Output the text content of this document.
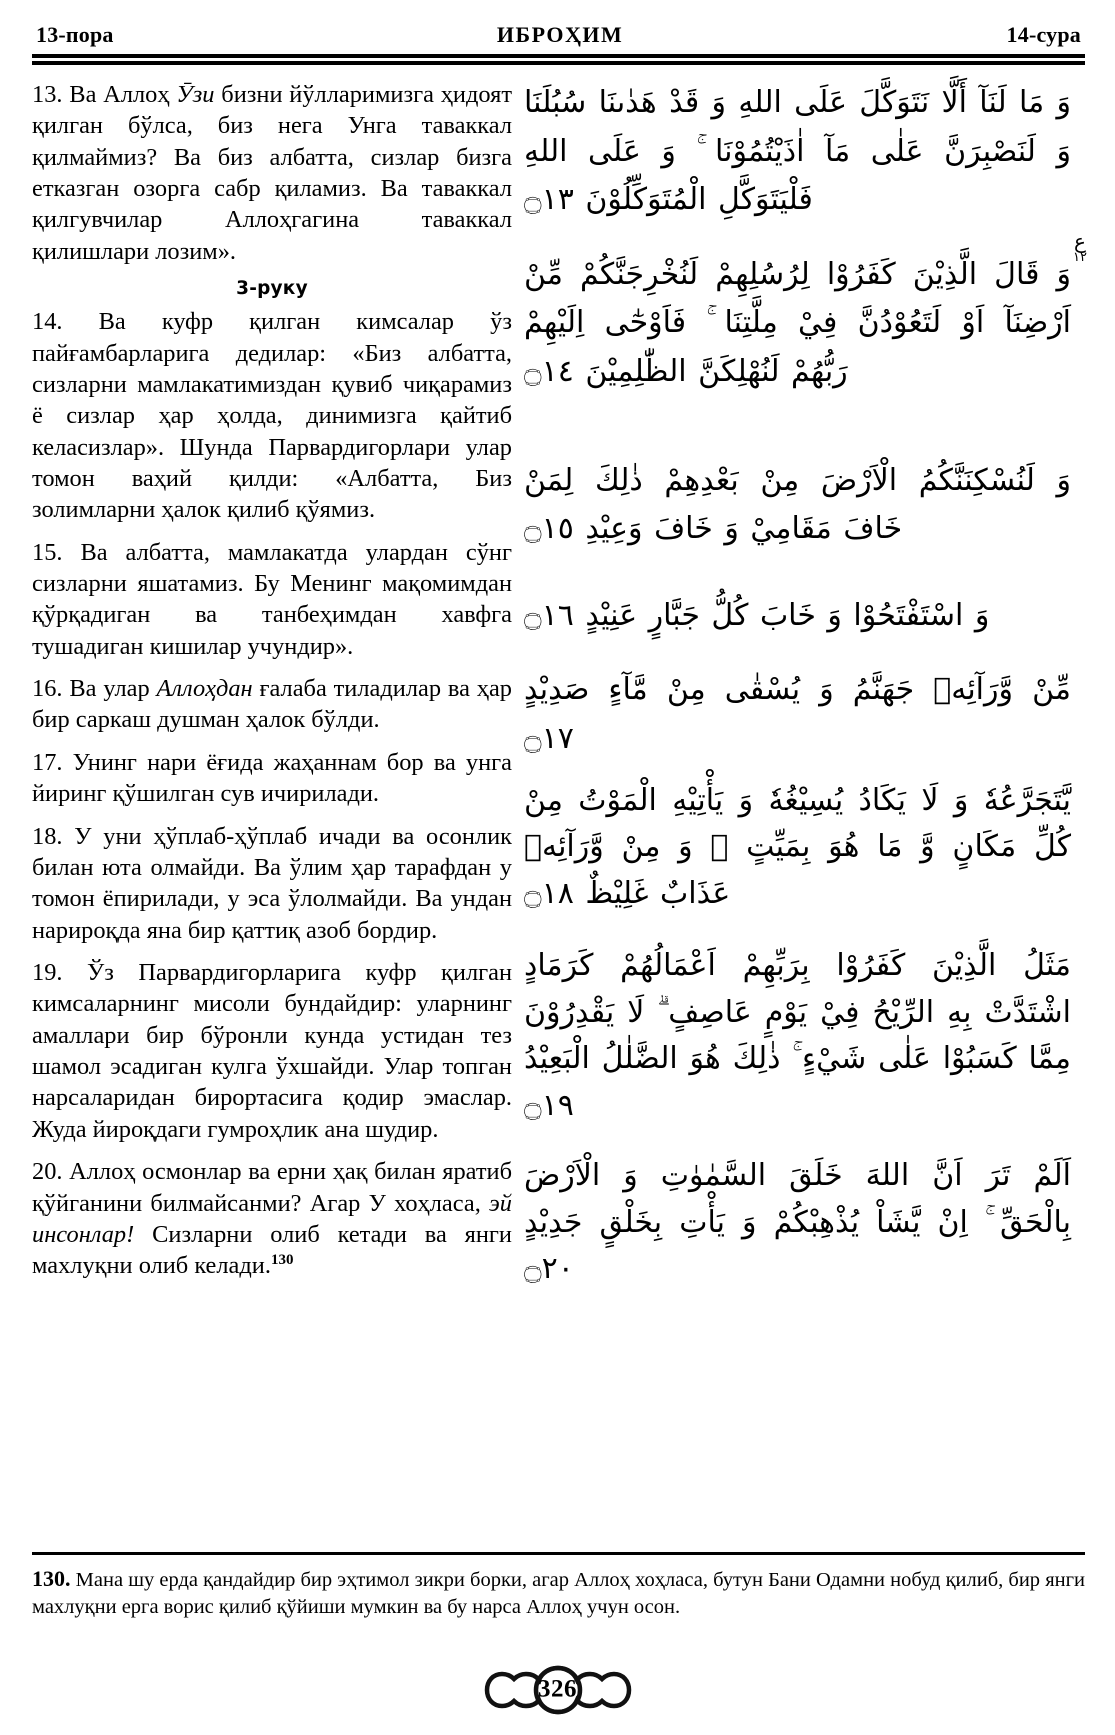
13-пора	ИБРОҲИМ	14-сура

13. Ва Аллоҳ Ӯзи бизни йўлларимизга ҳидоят қилган бўлса, биз нега Унга таваккал қилмаймиз? Ва биз албатта, сизлар бизга етказган озорга сабр қиламиз. Ва таваккал қилгувчилар Аллоҳгагина таваккал қилишлари лозим».

3-руку

14. Ва куфр қилган кимсалар ўз пайғамбарларига дедилар: «Биз албатта, сизларни мамлакатимиздан қувиб чиқарамиз ё сизлар ҳар ҳолда, динимизга қайтиб келасизлар». Шунда Парвардигорлари улар томон ваҳий қилди: «Албатта, Биз золимларни ҳалок қилиб қўямиз.

15. Ва албатта, мамлакатда улардан сўнг сизларни яшатамиз. Бу Менинг мақомимдан қўрқадиган ва танбеҳимдан хавфга тушадиган кишилар учундир».

16. Ва улар Аллоҳдан ғалаба тиладилар ва ҳар бир саркаш душман ҳалок бўлди.

17. Унинг нари ёғида жаҳаннам бор ва унга йиринг қўшилган сув ичирилади.

18. У уни ҳўплаб-ҳўплаб ичади ва осонлик билан юта олмайди. Ва ўлим ҳар тарафдан у томон ёпирилади, у эса ўлолмайди. Ва ундан нарироқда яна бир қаттиқ азоб бордир.

19. Ўз Парвардигорларига куфр қилган кимсаларнинг мисоли бундайдир: уларнинг амаллари бир бўронли кунда устидан тез шамол эсадиган кулга ўхшайди. Улар топган нарсаларидан бирортасига қодир эмаслар. Жуда йироқдаги гумроҳлик ана шудир.

20. Аллоҳ осмонлар ва ерни ҳақ билан яратиб қўйганини билмайсанми? Агар У хоҳласа, эй инсонлар! Сизларни олиб кетади ва янги махлуқни олиб келади.$^{130}$

وَ مَا لَنَآ أَلَّا نَتَوَكَّلَ عَلَى اللهِ وَ قَدْ هَدٰىنَا سُبُلَنَا وَ لَنَصْبِرَنَّ عَلٰى مَآ اٰذَيْتُمُوْنَا ۚ وَ عَلَى اللهِ فَلْيَتَوَكَّلِ الْمُتَوَكِّلُوْنَ ۝١٣
ع
١٢
وَ قَالَ الَّذِيْنَ كَفَرُوْا لِرُسُلِهِمْ لَنُخْرِجَنَّكُمْ مِّنْ اَرْضِنَآ اَوْ لَتَعُوْدُنَّ فِيْ مِلَّتِنَا ۚ فَاَوْحٰٓى اِلَيْهِمْ رَبُّهُمْ لَنُهْلِكَنَّ الظّٰلِمِيْنَ ۝١٤
وَ لَنُسْكِنَنَّكُمُ الْاَرْضَ مِنْ بَعْدِهِمْ ذٰلِكَ لِمَنْ خَافَ مَقَامِيْ وَ خَافَ وَعِيْدِ ۝١٥
وَ اسْتَفْتَحُوْا وَ خَابَ كُلُّ جَبَّارٍ عَنِيْدٍ ۝١٦
مِّنْ وَّرَآئِهٖ جَهَنَّمُ وَ يُسْقٰى مِنْ مَّآءٍ صَدِيْدٍ ۝١٧
يَّتَجَرَّعُهٗ وَ لَا يَكَادُ يُسِيْغُهٗ وَ يَأْتِيْهِ الْمَوْتُ مِنْ كُلِّ مَكَانٍ وَّ مَا هُوَ بِمَيِّتٍ ۖ وَ مِنْ وَّرَآئِهٖ عَذَابٌ غَلِيْظٌ ۝١٨
مَثَلُ الَّذِيْنَ كَفَرُوْا بِرَبِّهِمْ اَعْمَالُهُمْ كَرَمَادٍ اشْتَدَّتْ بِهِ الرِّيْحُ فِيْ يَوْمٍ عَاصِفٍ ۗ لَا يَقْدِرُوْنَ مِمَّا كَسَبُوْا عَلٰى شَيْءٍ ۚ ذٰلِكَ هُوَ الضَّلٰلُ الْبَعِيْدُ ۝١٩
اَلَمْ تَرَ اَنَّ اللهَ خَلَقَ السَّمٰوٰتِ وَ الْاَرْضَ بِالْحَقِّ ۚ اِنْ يَّشَاْ يُذْهِبْكُمْ وَ يَأْتِ بِخَلْقٍ جَدِيْدٍ ۝٢٠

130. Мана шу ерда қандайдир бир эҳтимол зикри борки, агар Аллоҳ хоҳласа, бутун Бани Одамни нобуд қилиб, бир янги махлуқни ерга ворис қилиб қўйиши мумкин ва бу нарса Аллоҳ учун осон.

326
